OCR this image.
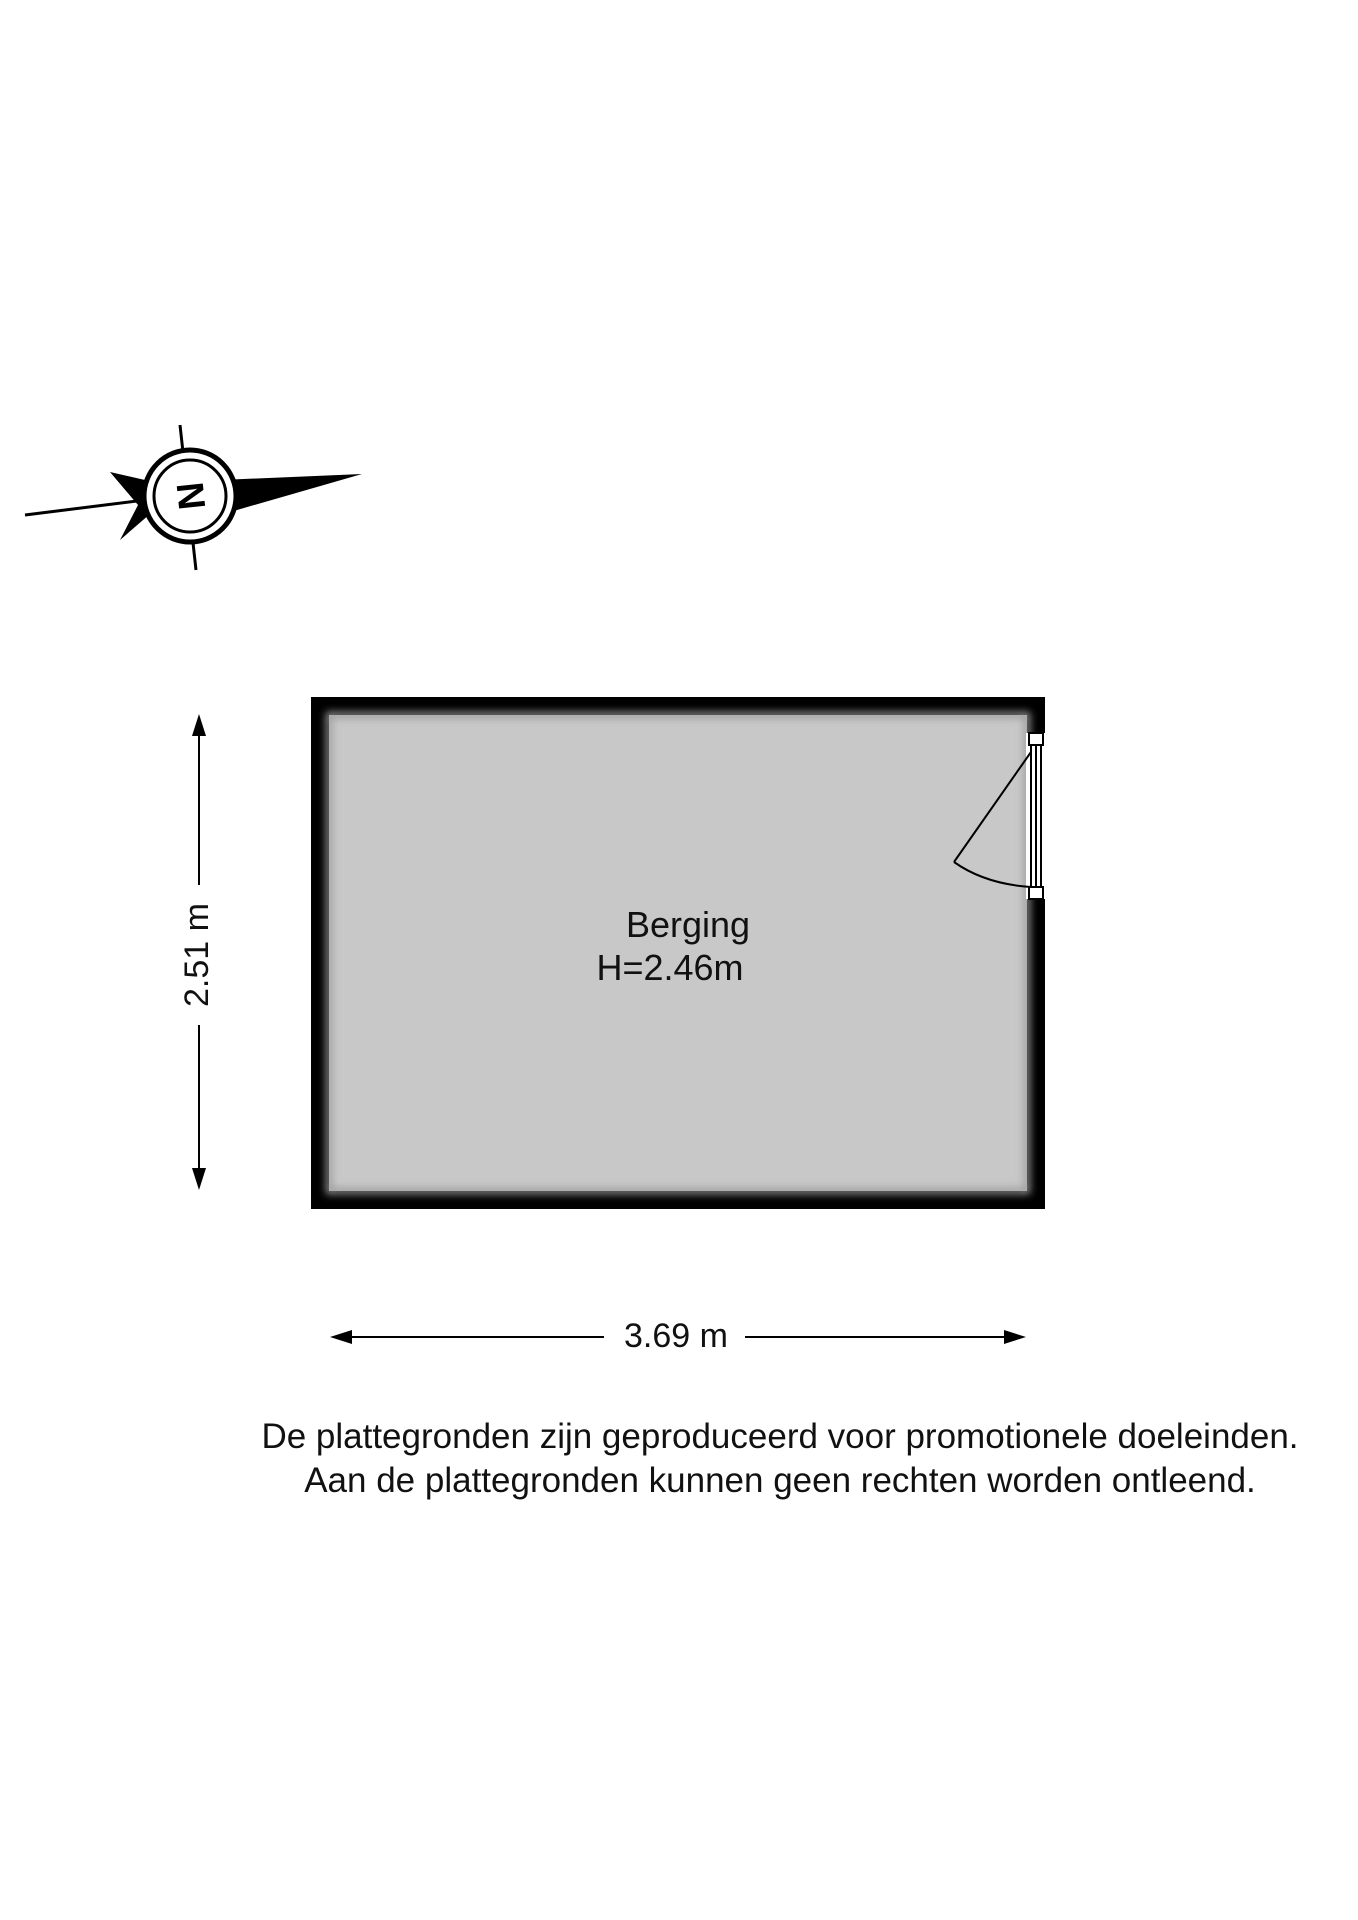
N
Berging
H=2.46m
2.51 m
3.69 m
De plattegronden zijn geproduceerd voor promotionele doeleinden.
Aan de plattegronden kunnen geen rechten worden ontleend.
